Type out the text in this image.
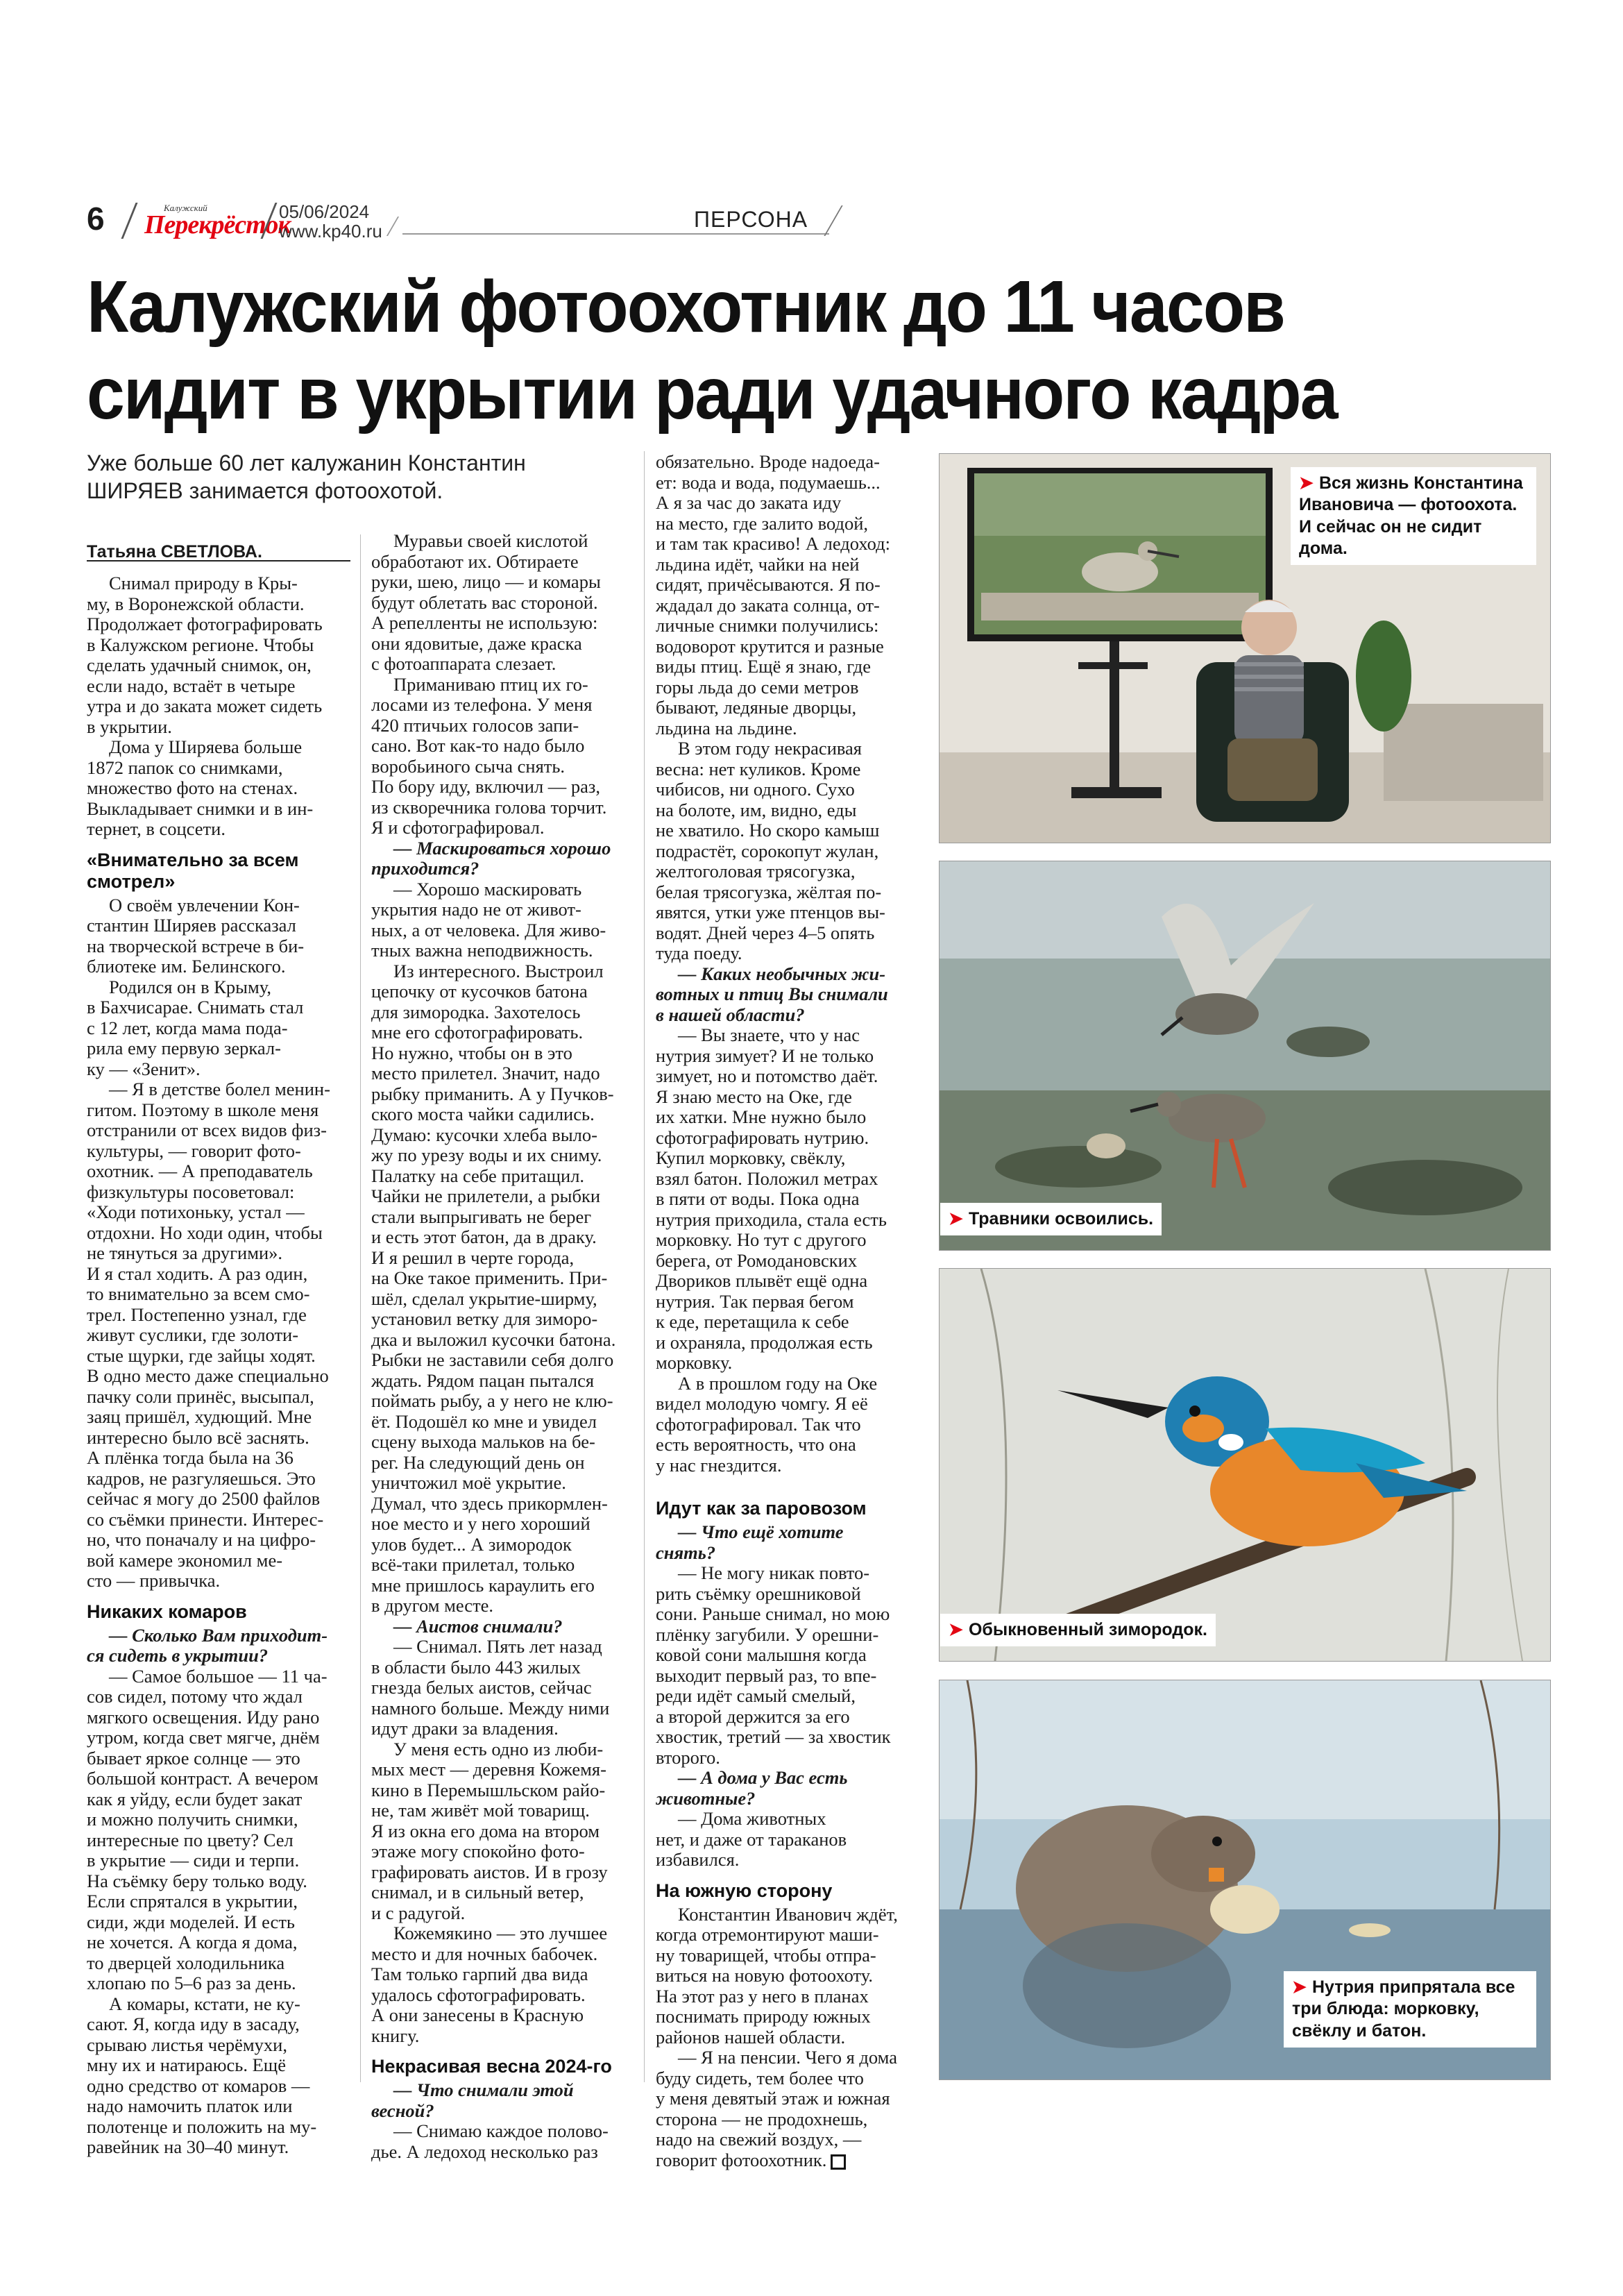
6	Калужский
Перекрёсток
05/06/2024
www.kp40.ru	ПЕРСОНА
Калужский фотоохотник до 11 часов сидит в укрытии ради удачного кадра
Уже больше 60 лет калужанин Константин ШИРЯЕВ занимается фотоохотой.
Татьяна СВЕТЛОВА.

Снимал природу в Кры-
му, в Воронежской области.
Продолжает фотографировать
в Калужском регионе. Чтобы
сделать удачный снимок, он,
если надо, встаёт в четыре
утра и до заката может сидеть
в укрытии.

Дома у Ширяева больше
1872 папок со снимками,
множество фото на стенах.
Выкладывает снимки и в ин-
тернет, в соцсети.

«Внимательно за всем смотрел»

О своём увлечении Кон-
стантин Ширяев рассказал
на творческой встрече в би-
блиотеке им. Белинского.

Родился он в Крыму,
в Бахчисарае. Снимать стал
с 12 лет, когда мама пода-
рила ему первую зеркал-
ку — «Зенит».

— Я в детстве болел менин-
гитом. Поэтому в школе меня
отстранили от всех видов физ-
культуры, — говорит фото-
охотник. — А преподаватель
физкультуры посоветовал:
«Ходи потихоньку, устал —
отдохни. Но ходи один, чтобы
не тянуться за другими».
И я стал ходить. А раз один,
то внимательно за всем смо-
трел. Постепенно узнал, где
живут суслики, где золоти-
стые щурки, где зайцы ходят.
В одно место даже специально
пачку соли принёс, высыпал,
заяц пришёл, худющий. Мне
интересно было всё заснять.
А плёнка тогда была на 36
кадров, не разгуляешься. Это
сейчас я могу до 2500 файлов
со съёмки принести. Интерес-
но, что поначалу и на цифро-
вой камере экономил ме-
сто — привычка.

Никаких комаров

— Сколько Вам приходит-
ся сидеть в укрытии?

— Самое большое — 11 ча-
сов сидел, потому что ждал
мягкого освещения. Иду рано
утром, когда свет мягче, днём
бывает яркое солнце — это
большой контраст. А вечером
как я уйду, если будет закат
и можно получить снимки,
интересные по цвету? Сел
в укрытие — сиди и терпи.
На съёмку беру только воду.
Если спрятался в укрытии,
сиди, жди моделей. И есть
не хочется. А когда я дома,
то дверцей холодильника
хлопаю по 5–6 раз за день.

А комары, кстати, не ку-
сают. Я, когда иду в засаду,
срываю листья черёмухи,
мну их и натираюсь. Ещё
одно средство от комаров —
надо намочить платок или
полотенце и положить на му-
равейник на 30–40 минут.

Муравьи своей кислотой
обработают их. Обтираете
руки, шею, лицо — и комары
будут облетать вас стороной.
А репелленты не использую:
они ядовитые, даже краска
с фотоаппарата слезает.

Приманиваю птиц их го-
лосами из телефона. У меня
420 птичьих голосов запи-
сано. Вот как-то надо было
воробьиного сыча снять.
По бору иду, включил — раз,
из скворечника голова торчит.
Я и сфотографировал.

— Маскироваться хорошо
приходится?

— Хорошо маскировать
укрытия надо не от живот-
ных, а от человека. Для живо-
тных важна неподвижность.

Из интересного. Выстроил
цепочку от кусочков батона
для зимородка. Захотелось
мне его сфотографировать.
Но нужно, чтобы он в это
место прилетел. Значит, надо
рыбку приманить. А у Пучков-
ского моста чайки садились.
Думаю: кусочки хлеба выло-
жу по урезу воды и их сниму.
Палатку на себе притащил.
Чайки не прилетели, а рыбки
стали выпрыгивать не берег
и есть этот батон, да в драку.
И я решил в черте города,
на Оке такое применить. При-
шёл, сделал укрытие-ширму,
установил ветку для зиморо-
дка и выложил кусочки батона.
Рыбки не заставили себя долго
ждать. Рядом пацан пытался
поймать рыбу, а у него не клю-
ёт. Подошёл ко мне и увидел
сцену выхода мальков на бе-
рег. На следующий день он
уничтожил моё укрытие.
Думал, что здесь прикормлен-
ное место и у него хороший
улов будет... А зимородок
всё-таки прилетал, только
мне пришлось караулить его
в другом месте.

— Аистов снимали?

— Снимал. Пять лет назад
в области было 443 жилых
гнезда белых аистов, сейчас
намного больше. Между ними
идут драки за владения.

У меня есть одно из люби-
мых мест — деревня Кожемя-
кино в Перемышльском райо-
не, там живёт мой товарищ.
Я из окна его дома на втором
этаже могу спокойно фото-
графировать аистов. И в грозу
снимал, и в сильный ветер,
и с радугой.

Кожемякино — это лучшее
место и для ночных бабочек.
Там только гарпий два вида
удалось сфотографировать.
А они занесены в Красную
книгу.

Некрасивая весна 2024-го

— Что снимали этой
весной?

— Снимаю каждое полово-
дье. А ледоход несколько раз

обязательно. Вроде надоеда-
ет: вода и вода, подумаешь...
А я за час до заката иду
на место, где залито водой,
и там так красиво! А ледоход:
льдина идёт, чайки на ней
сидят, причёсываются. Я по-
ждадал до заката солнца, от-
личные снимки получились:
водоворот крутится и разные
виды птиц. Ещё я знаю, где
горы льда до семи метров
бывают, ледяные дворцы,
льдина на льдине.

В этом году некрасивая
весна: нет куликов. Кроме
чибисов, ни одного. Сухо
на болоте, им, видно, еды
не хватило. Но скоро камыш
подрастёт, сорокопут жулан,
желтоголовая трясогузка,
белая трясогузка, жёлтая по-
явятся, утки уже птенцов вы-
водят. Дней через 4–5 опять
туда поеду.

— Каких необычных жи-
вотных и птиц Вы снимали
в нашей области?

— Вы знаете, что у нас
нутрия зимует? И не только
зимует, но и потомство даёт.
Я знаю место на Оке, где
их хатки. Мне нужно было
сфотографировать нутрию.
Купил морковку, свёклу,
взял батон. Положил метрах
в пяти от воды. Пока одна
нутрия приходила, стала есть
морковку. Но тут с другого
берега, от Ромодановских
Двориков плывёт ещё одна
нутрия. Так первая бегом
к еде, перетащила к себе
и охраняла, продолжая есть
морковку.

А в прошлом году на Оке
видел молодую чомгу. Я её
сфотографировал. Так что
есть вероятность, что она
у нас гнездится.

Идут как за паровозом

— Что ещё хотите
снять?

— Не могу никак повто-
рить съёмку орешниковой
сони. Раньше снимал, но мою
плёнку загубили. У орешни-
ковой сони малышня когда
выходит первый раз, то впе-
реди идёт самый смелый,
а второй держится за его
хвостик, третий — за хвостик
второго.

— А дома у Вас есть
животные?

— Дома животных
нет, и даже от тараканов
избавился.

На южную сторону

Константин Иванович ждёт,
когда отремонтируют маши-
ну товарищей, чтобы отпра-
виться на новую фотоохоту.
На этот раз у него в планах
поснимать природу южных
районов нашей области.

— Я на пенсии. Чего я дома
буду сидеть, тем более что
у меня девятый этаж и южная
сторона — не продохнешь,
надо на свежий воздух, —
говорит фотоохотник.

➤ Вся жизнь Константина Ивановича — фотоохота. И сейчас он не сидит дома.
➤ Травники освоились.
➤ Обыкновенный зимородок.
➤ Нутрия припрятала все три блюда: морковку, свёклу и батон.
